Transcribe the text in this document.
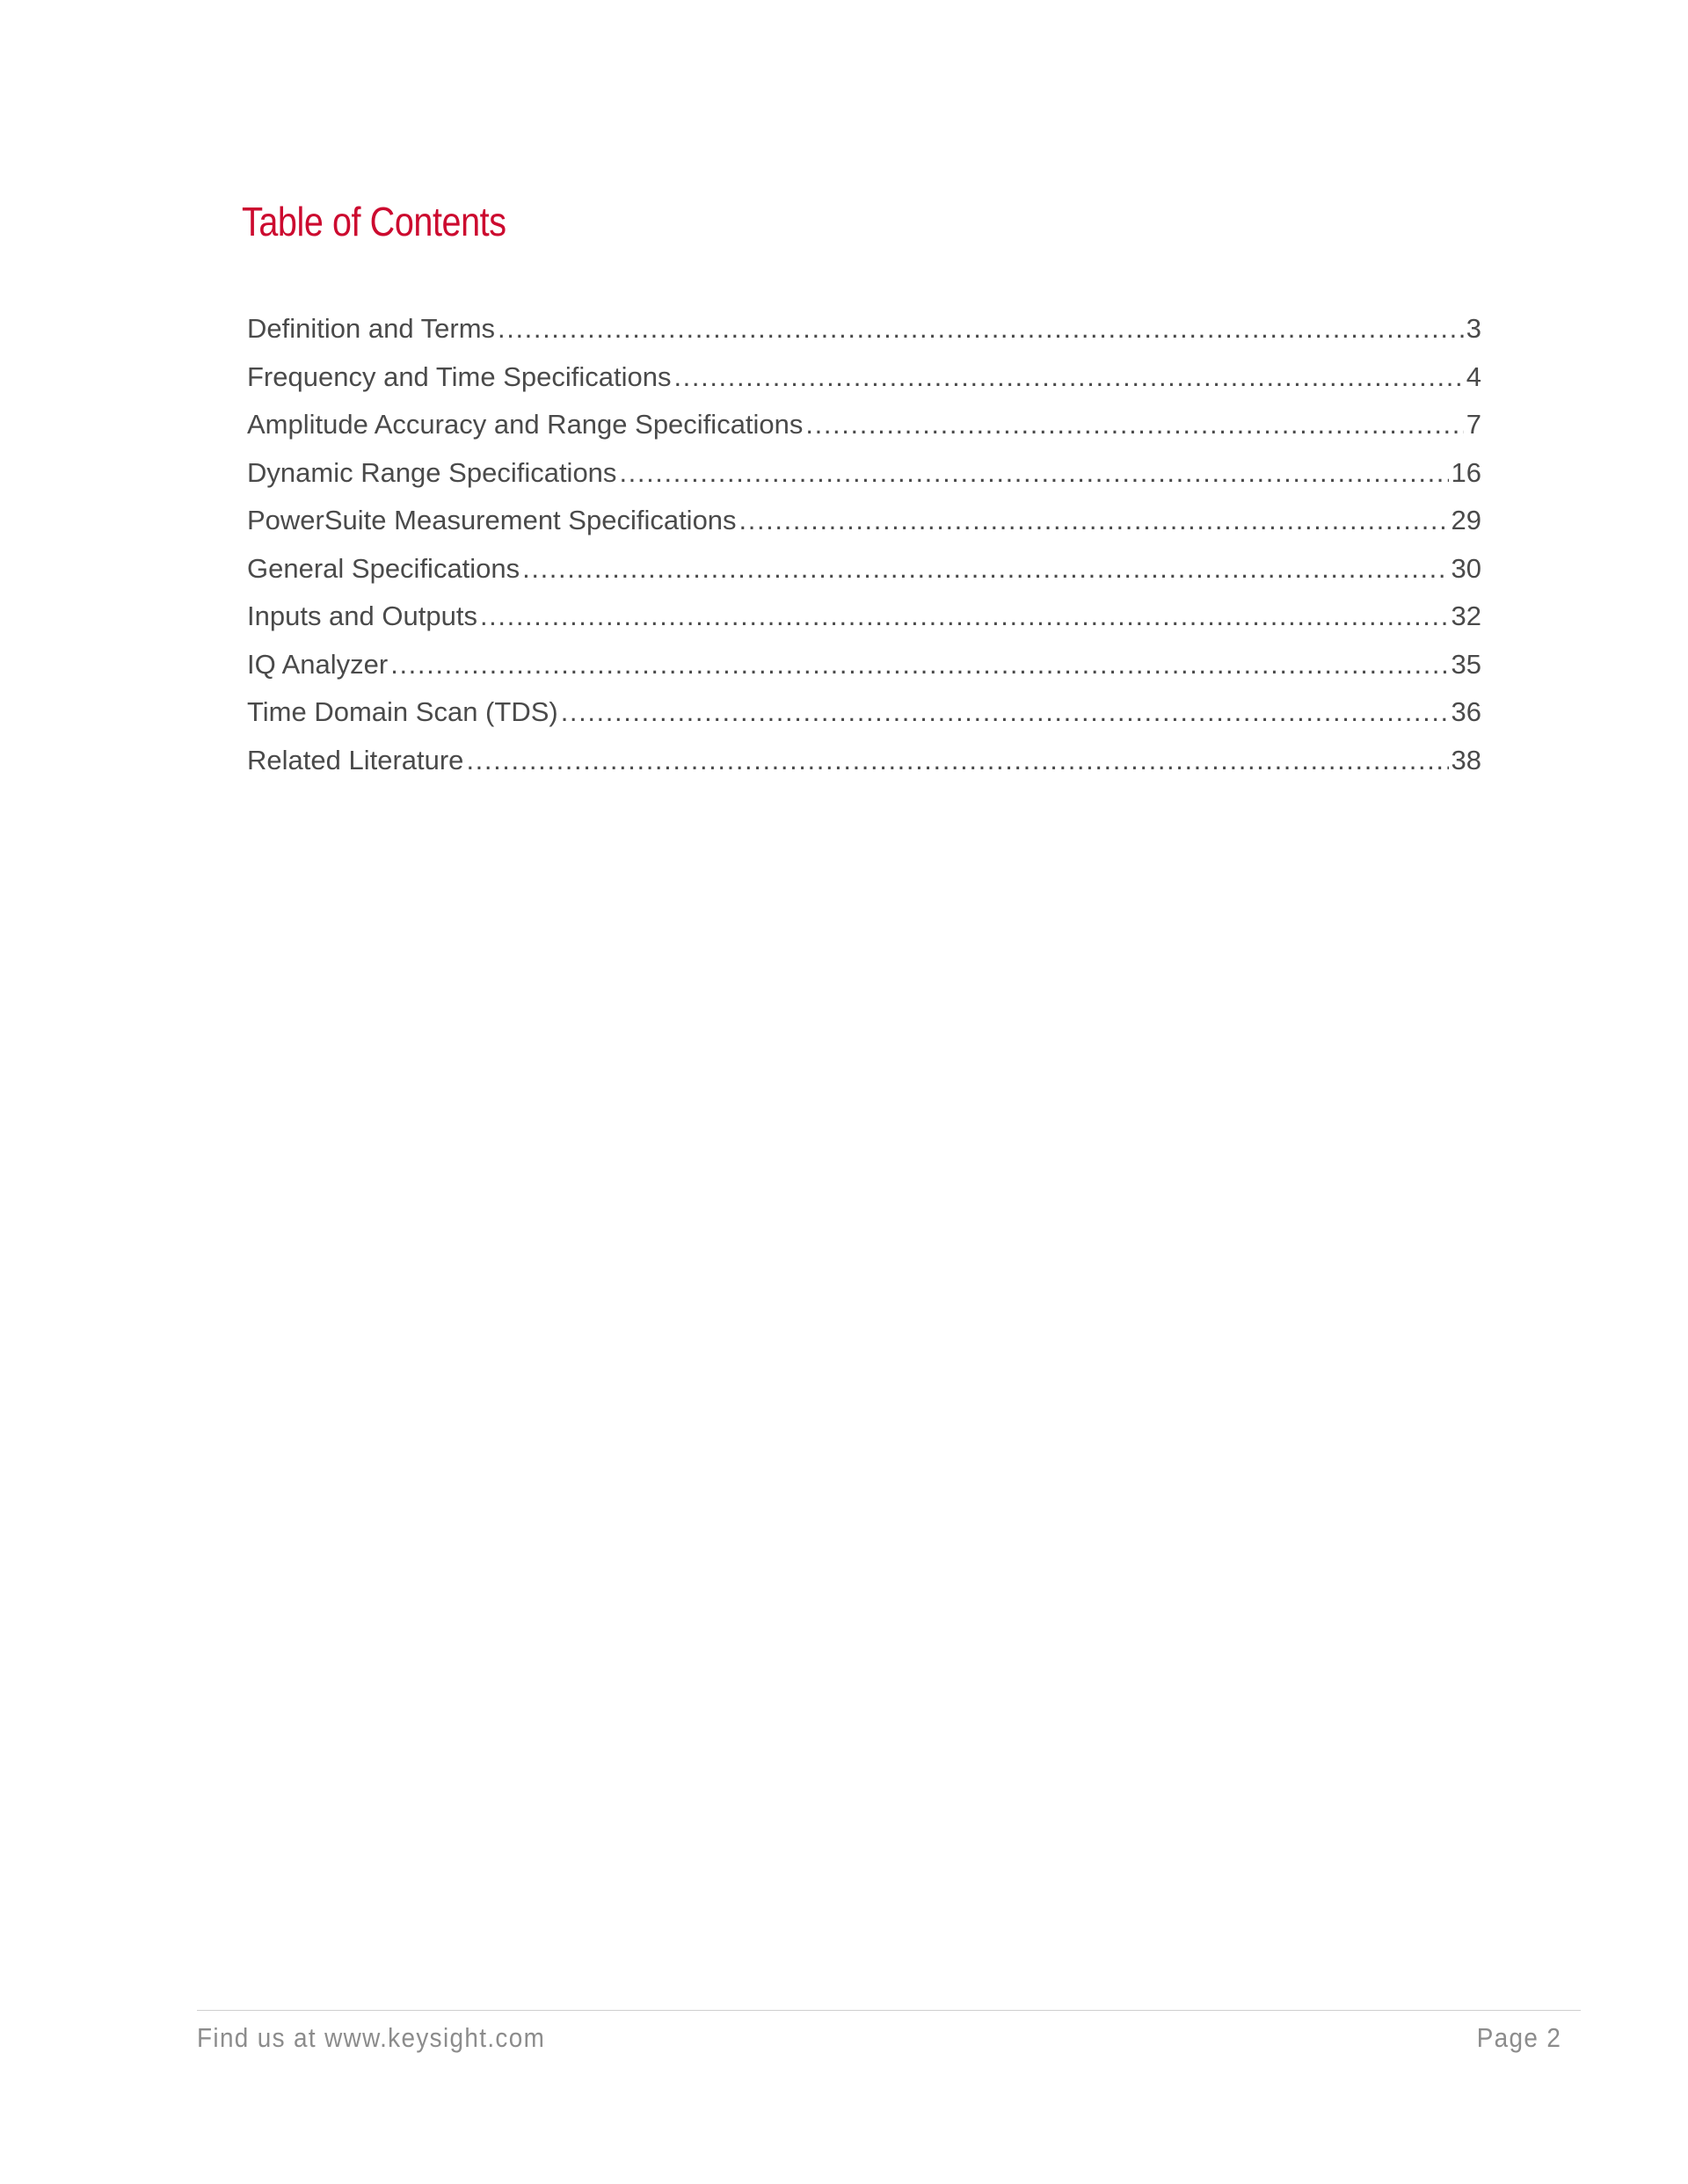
Table of Contents
Definition and Terms .....	3
Frequency and Time Specifications .....	4
Amplitude Accuracy and Range Specifications .....	7
Dynamic Range Specifications .....	16
PowerSuite Measurement Specifications .....	29
General Specifications .....	30
Inputs and Outputs .....	32
IQ Analyzer .....	35
Time Domain Scan (TDS) .....	36
Related Literature .....	38
Find us at www.keysight.com	Page 2
